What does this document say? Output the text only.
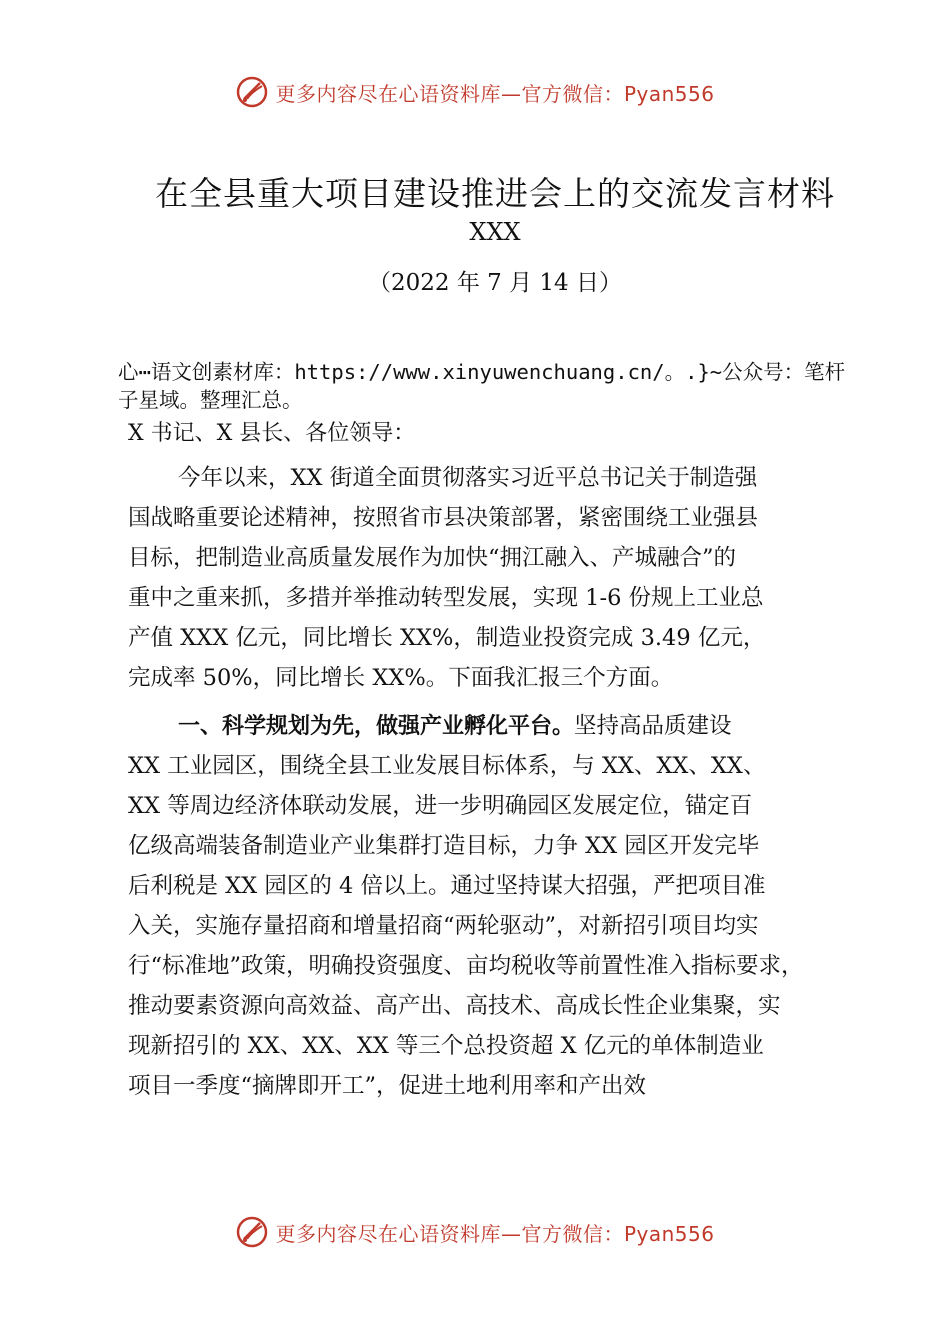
更多内容尽在心语资料库—官方微信：Pyan556
在全县重大项目建设推进会上的交流发言材料
XXX
（2022 年 7 月 14 日）
心⋯语文创素材库：https://www.xinyuwenchuang.cn/。.}~公众号：笔杆子星域。整理汇总。
X 书记、X 县长、各位领导：
今年以来，XX 街道全面贯彻落实习近平总书记关于制造强
国战略重要论述精神，按照省市县决策部署，紧密围绕工业强县
目标，把制造业高质量发展作为加快“拥江融入、产城融合”的
重中之重来抓，多措并举推动转型发展，实现 1-6 份规上工业总
产值 XXX 亿元，同比增长 XX%，制造业投资完成 3.49 亿元，
完成率 50%，同比增长 XX%。下面我汇报三个方面。
一、科学规划为先，做强产业孵化平台。坚持高品质建设
XX 工业园区，围绕全县工业发展目标体系，与 XX、XX、XX、
XX 等周边经济体联动发展，进一步明确园区发展定位，锚定百
亿级高端装备制造业产业集群打造目标，力争 XX 园区开发完毕
后利税是 XX 园区的 4 倍以上。通过坚持谋大招强，严把项目准
入关，实施存量招商和增量招商“两轮驱动”，对新招引项目均实
行“标准地”政策，明确投资强度、亩均税收等前置性准入指标要求，
推动要素资源向高效益、高产出、高技术、高成长性企业集聚，实
现新招引的 XX、XX、XX 等三个总投资超 X 亿元的单体制造业
项目一季度“摘牌即开工”，促进土地利用率和产出效
更多内容尽在心语资料库—官方微信：Pyan556
